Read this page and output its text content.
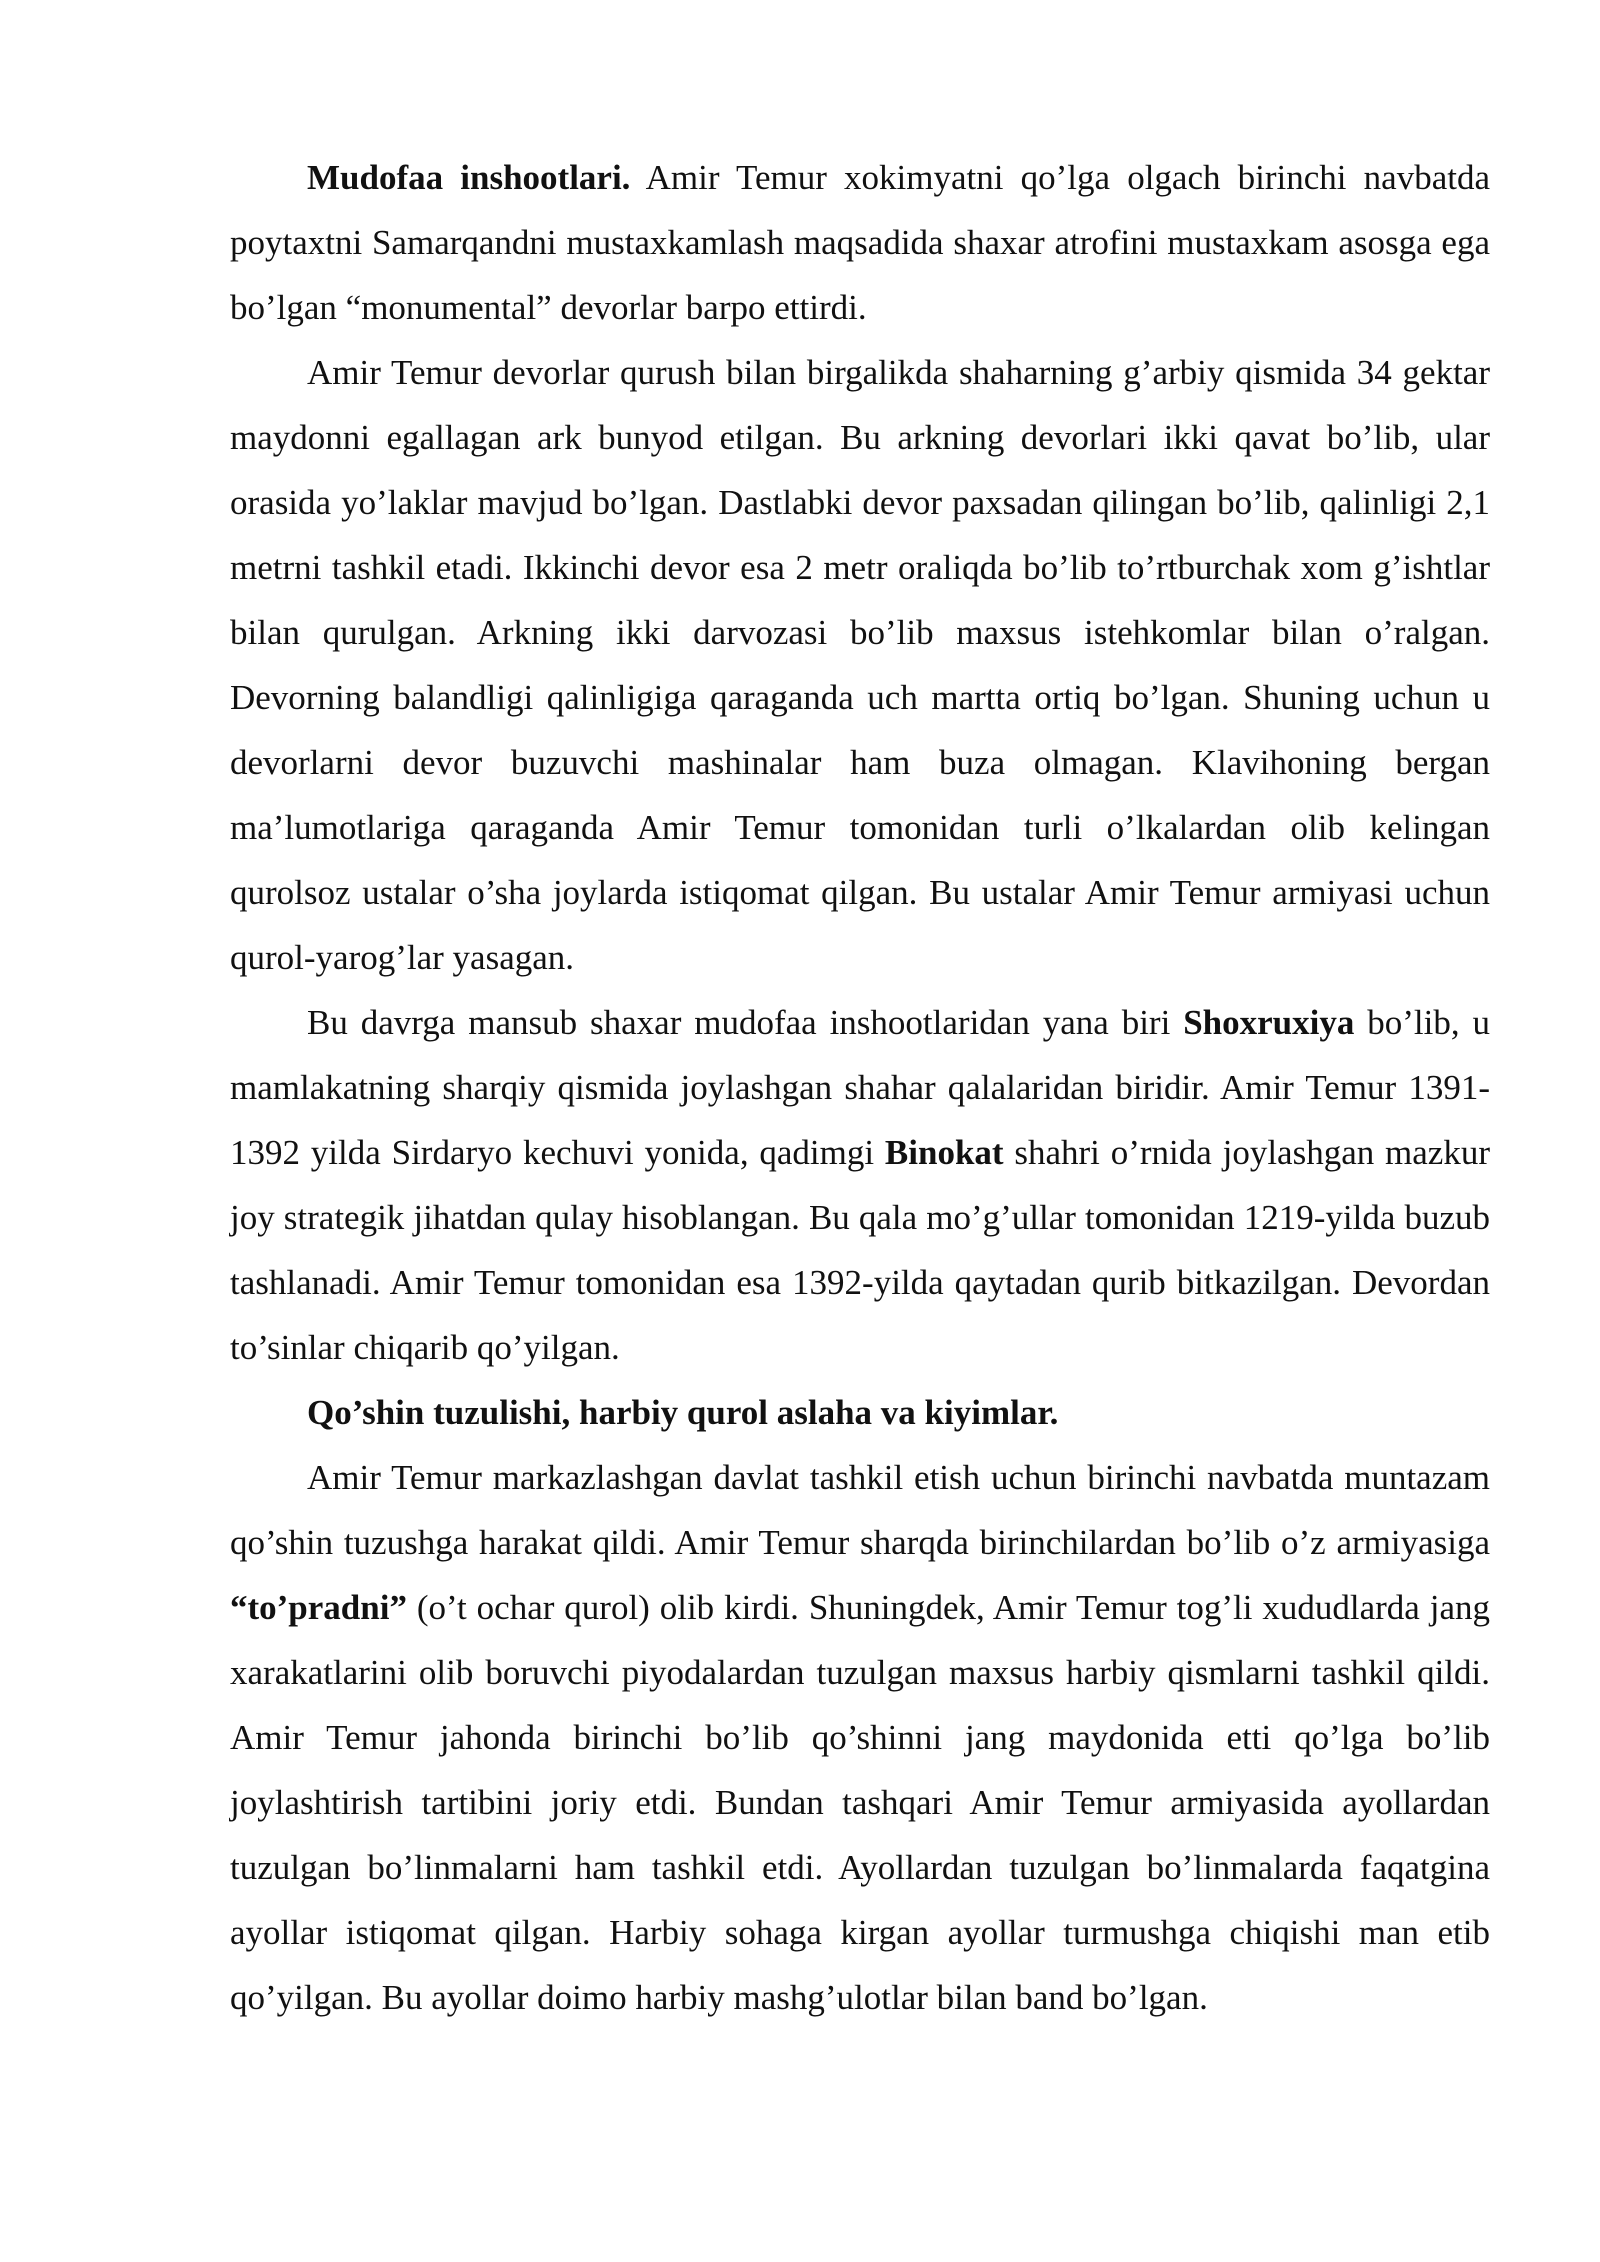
Mudofaa inshootlari. Amir Temur xokimyatni qo’lga olgach birinchi navbatda poytaxtni Samarqandni mustaxkamlash maqsadida shaxar atrofini mustaxkam asosga ega bo’lgan “monumental” devorlar barpo ettirdi.

Amir Temur devorlar qurush bilan birgalikda shaharning g’arbiy qismida 34 gektar maydonni egallagan ark bunyod etilgan. Bu arkning devorlari ikki qavat bo’lib, ular orasida yo’laklar mavjud bo’lgan. Dastlabki devor paxsadan qilingan bo’lib, qalinligi 2,1 metrni tashkil etadi. Ikkinchi devor esa 2 metr oraliqda bo’lib to’rtburchak xom g’ishtlar bilan qurulgan. Arkning ikki darvozasi bo’lib maxsus istehkomlar bilan o’ralgan. Devorning balandligi qalinligiga qaraganda uch martta ortiq bo’lgan. Shuning uchun u devorlarni devor buzuvchi mashinalar ham buza olmagan. Klavihoning bergan ma’lumotlariga qaraganda Amir Temur tomonidan turli o’lkalardan olib kelingan qurolsoz ustalar o’sha joylarda istiqomat qilgan. Bu ustalar Amir Temur armiyasi uchun qurol-yarog’lar yasagan.

Bu davrga mansub shaxar mudofaa inshootlaridan yana biri Shoxruxiya bo’lib, u mamlakatning sharqiy qismida joylashgan shahar qalalaridan biridir. Amir Temur 1391-1392 yilda Sirdaryo kechuvi yonida, qadimgi Binokat shahri o’rnida joylashgan mazkur joy strategik jihatdan qulay hisoblangan. Bu qala mo’g’ullar tomonidan 1219-yilda buzub tashlanadi. Amir Temur tomonidan esa 1392-yilda qaytadan qurib bitkazilgan. Devordan to’sinlar chiqarib qo’yilgan.

Qo’shin tuzulishi, harbiy qurol aslaha va kiyimlar.

Amir Temur markazlashgan davlat tashkil etish uchun birinchi navbatda muntazam qo’shin tuzushga harakat qildi. Amir Temur sharqda birinchilardan bo’lib o’z armiyasiga “to’pradni” (o’t ochar qurol) olib kirdi. Shuningdek, Amir Temur tog’li xududlarda jang xarakatlarini olib boruvchi piyodalardan tuzulgan maxsus harbiy qismlarni tashkil qildi. Amir Temur jahonda birinchi bo’lib qo’shinni jang maydonida etti qo’lga bo’lib joylashtirish tartibini joriy etdi. Bundan tashqari Amir Temur armiyasida ayollardan tuzulgan bo’linmalarni ham tashkil etdi. Ayollardan tuzulgan bo’linmalarda faqatgina ayollar istiqomat qilgan. Harbiy sohaga kirgan ayollar turmushga chiqishi man etib qo’yilgan. Bu ayollar doimo harbiy mashg’ulotlar bilan band bo’lgan.
